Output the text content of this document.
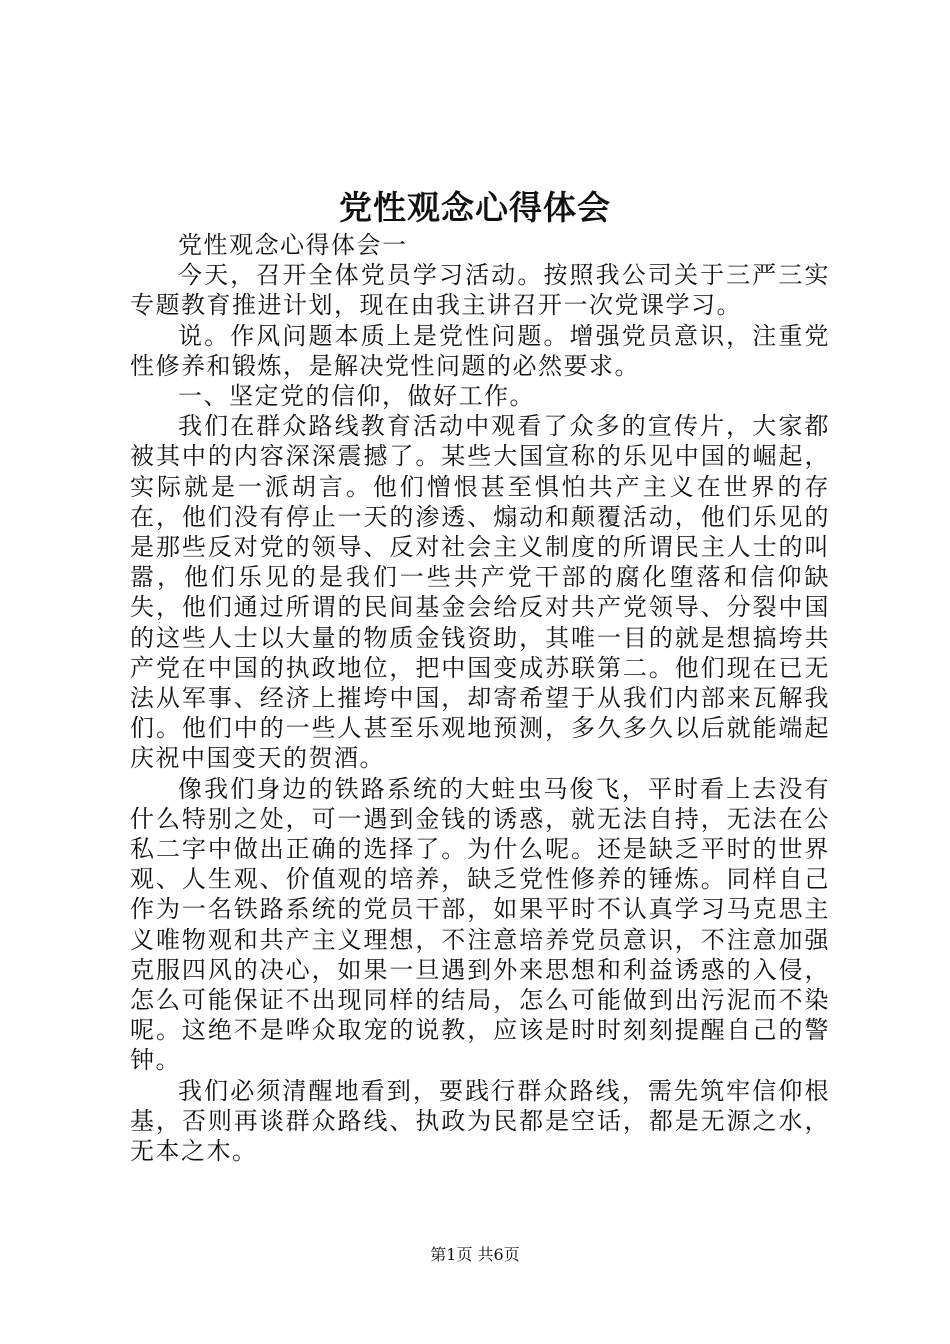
党性观念心得体会

党性观念心得体会一

今天，召开全体党员学习活动。按照我公司关于三严三实专题教育推进计划，现在由我主讲召开一次党课学习。

说。作风问题本质上是党性问题。增强党员意识，注重党性修养和锻炼，是解决党性问题的必然要求。

一、坚定党的信仰，做好工作。

我们在群众路线教育活动中观看了众多的宣传片，大家都被其中的内容深深震撼了。某些大国宣称的乐见中国的崛起，实际就是一派胡言。他们憎恨甚至惧怕共产主义在世界的存在，他们没有停止一天的渗透、煽动和颠覆活动，他们乐见的是那些反对党的领导、反对社会主义制度的所谓民主人士的叫嚣，他们乐见的是我们一些共产党干部的腐化堕落和信仰缺失，他们通过所谓的民间基金会给反对共产党领导、分裂中国的这些人士以大量的物质金钱资助，其唯一目的就是想搞垮共产党在中国的执政地位，把中国变成苏联第二。他们现在已无法从军事、经济上摧垮中国，却寄希望于从我们内部来瓦解我们。他们中的一些人甚至乐观地预测，多久多久以后就能端起庆祝中国变天的贺酒。

像我们身边的铁路系统的大蛀虫马俊飞，平时看上去没有什么特别之处，可一遇到金钱的诱惑，就无法自持，无法在公私二字中做出正确的选择了。为什么呢。还是缺乏平时的世界观、人生观、价值观的培养，缺乏党性修养的锤炼。同样自己作为一名铁路系统的党员干部，如果平时不认真学习马克思主义唯物观和共产主义理想，不注意培养党员意识，不注意加强克服四风的决心，如果一旦遇到外来思想和利益诱惑的入侵，怎么可能保证不出现同样的结局，怎么可能做到出污泥而不染呢。这绝不是哗众取宠的说教，应该是时时刻刻提醒自己的警钟。

我们必须清醒地看到，要践行群众路线，需先筑牢信仰根基，否则再谈群众路线、执政为民都是空话，都是无源之水，无本之木。

第1页 共6页
